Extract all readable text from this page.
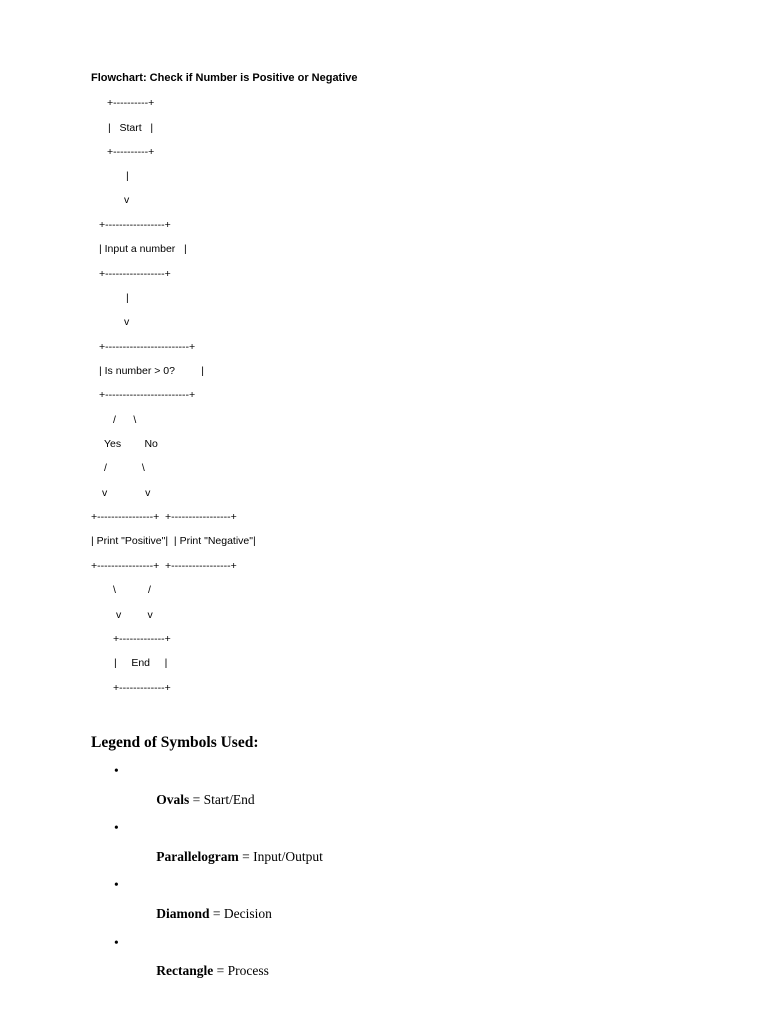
Flowchart: Check if Number is Positive or Negative

+----------+

|   Start   |

+----------+

|

v

+-----------------+

| Input a number   |

+-----------------+

|

v

+------------------------+

| Is number > 0?         |

+------------------------+

/      \

Yes        No

/            \

v             v

+----------------+  +-----------------+

| Print "Positive"|  | Print "Negative"|

+----------------+  +-----------------+

\           /

v         v

+-------------+

|     End     |

+-------------+

Legend of Symbols Used:

•

Ovals = Start/End

•

Parallelogram = Input/Output

•

Diamond = Decision

•

Rectangle = Process
